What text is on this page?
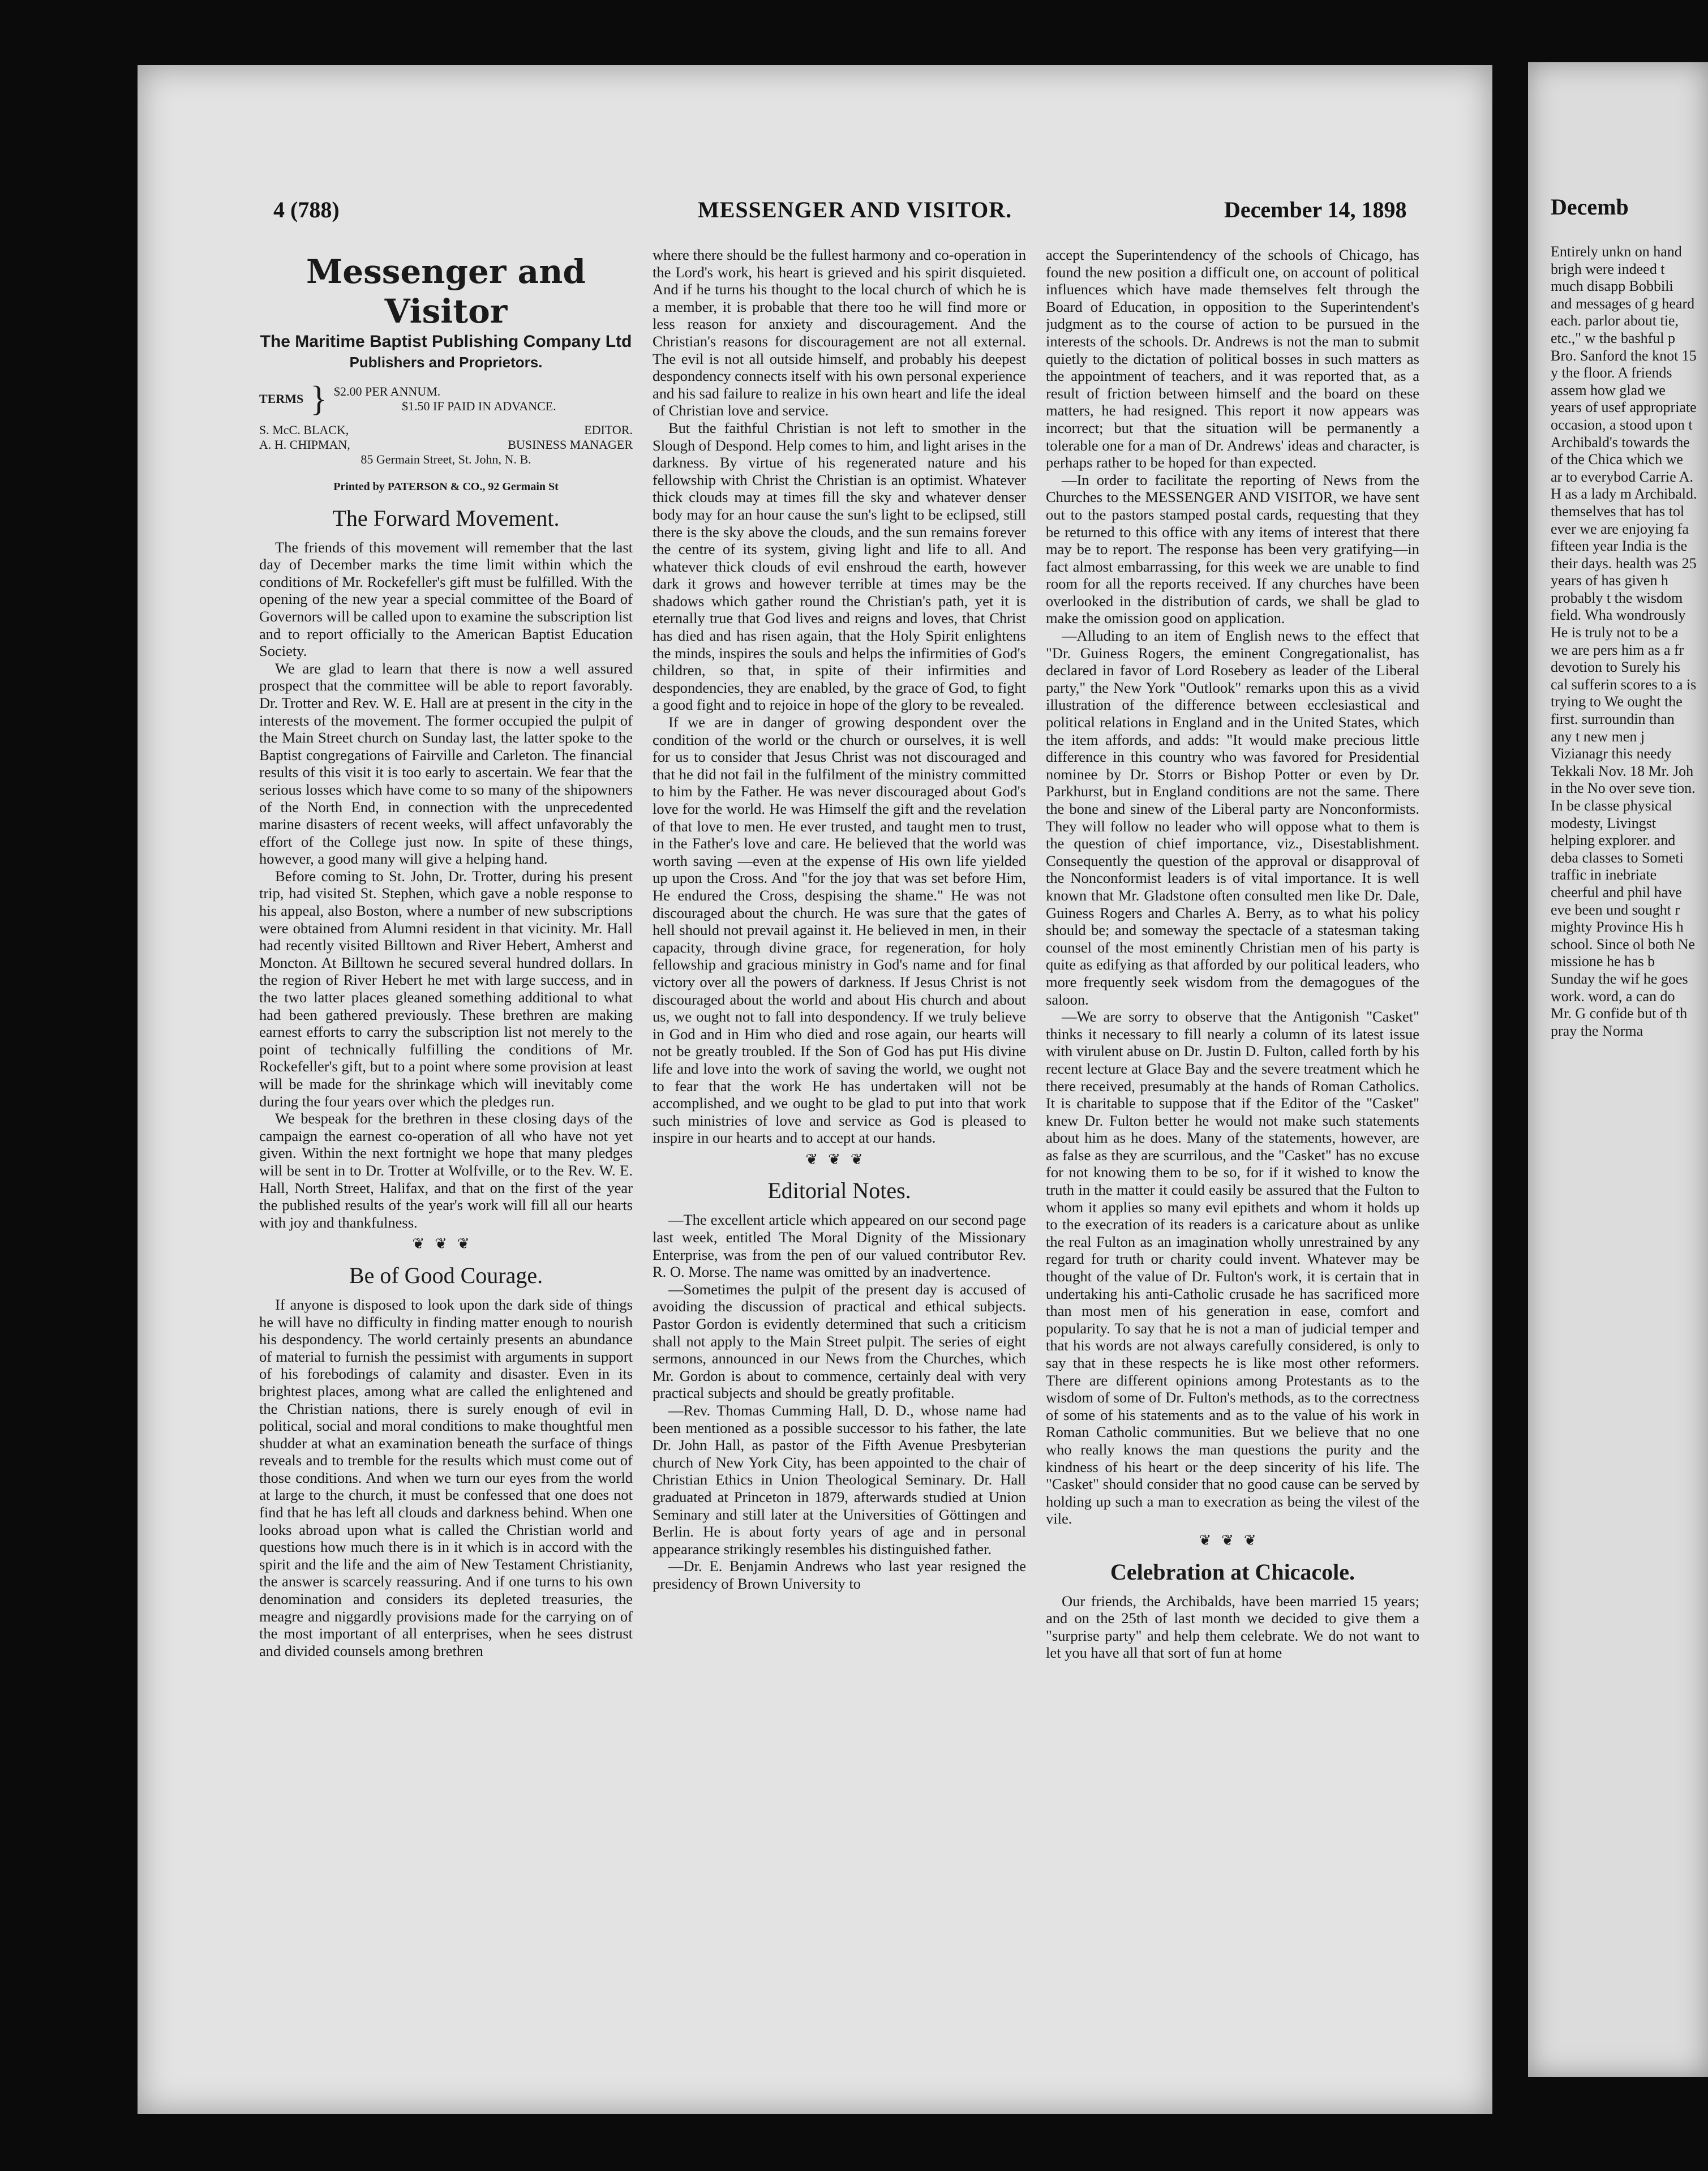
4 (788)	MESSENGER AND VISITOR.	December 14, 1898
Messenger and Visitor
The Maritime Baptist Publishing Company Ltd
Publishers and Proprietors.
TERMS } $2.00 PER ANNUM.
$1.50 IF PAID IN ADVANCE.
S. McC. BLACK,	EDITOR.
A. H. CHIPMAN,	BUSINESS MANAGER
85 Germain Street, St. John, N. B.
Printed by PATERSON & CO., 92 Germain St
The Forward Movement.

The friends of this movement will remember that the last day of December marks the time limit within which the conditions of Mr. Rockefeller's gift must be fulfilled. With the opening of the new year a special committee of the Board of Governors will be called upon to examine the subscription list and to report officially to the American Baptist Education Society.

We are glad to learn that there is now a well assured prospect that the committee will be able to report favorably. Dr. Trotter and Rev. W. E. Hall are at present in the city in the interests of the movement. The former occupied the pulpit of the Main Street church on Sunday last, the latter spoke to the Baptist congregations of Fairville and Carleton. The financial results of this visit it is too early to ascertain. We fear that the serious losses which have come to so many of the shipowners of the North End, in connection with the unprecedented marine disasters of recent weeks, will affect unfavorably the effort of the College just now. In spite of these things, however, a good many will give a helping hand.

Before coming to St. John, Dr. Trotter, during his present trip, had visited St. Stephen, which gave a noble response to his appeal, also Boston, where a number of new subscriptions were obtained from Alumni resident in that vicinity. Mr. Hall had recently visited Billtown and River Hebert, Amherst and Moncton. At Billtown he secured several hundred dollars. In the region of River Hebert he met with large success, and in the two latter places gleaned something additional to what had been gathered previously. These brethren are making earnest efforts to carry the subscription list not merely to the point of technically fulfilling the conditions of Mr. Rockefeller's gift, but to a point where some provision at least will be made for the shrinkage which will inevitably come during the four years over which the pledges run.

We bespeak for the brethren in these closing days of the campaign the earnest co-operation of all who have not yet given. Within the next fortnight we hope that many pledges will be sent in to Dr. Trotter at Wolfville, or to the Rev. W. E. Hall, North Street, Halifax, and that on the first of the year the published results of the year's work will fill all our hearts with joy and thankfulness.

❦❦❦
Be of Good Courage.

If anyone is disposed to look upon the dark side of things he will have no difficulty in finding matter enough to nourish his despondency. The world certainly presents an abundance of material to furnish the pessimist with arguments in support of his forebodings of calamity and disaster. Even in its brightest places, among what are called the enlightened and the Christian nations, there is surely enough of evil in political, social and moral conditions to make thoughtful men shudder at what an examination beneath the surface of things reveals and to tremble for the results which must come out of those conditions. And when we turn our eyes from the world at large to the church, it must be confessed that one does not find that he has left all clouds and darkness behind. When one looks abroad upon what is called the Christian world and questions how much there is in it which is in accord with the spirit and the life and the aim of New Testament Christianity, the answer is scarcely reassuring. And if one turns to his own denomination and considers its depleted treasuries, the meagre and niggardly provisions made for the carrying on of the most important of all enterprises, when he sees distrust and divided counsels among brethren

where there should be the fullest harmony and co-operation in the Lord's work, his heart is grieved and his spirit disquieted. And if he turns his thought to the local church of which he is a member, it is probable that there too he will find more or less reason for anxiety and discouragement. And the Christian's reasons for discouragement are not all external. The evil is not all outside himself, and probably his deepest despondency connects itself with his own personal experience and his sad failure to realize in his own heart and life the ideal of Christian love and service.

But the faithful Christian is not left to smother in the Slough of Despond. Help comes to him, and light arises in the darkness. By virtue of his regenerated nature and his fellowship with Christ the Christian is an optimist. Whatever thick clouds may at times fill the sky and whatever denser body may for an hour cause the sun's light to be eclipsed, still there is the sky above the clouds, and the sun remains forever the centre of its system, giving light and life to all. And whatever thick clouds of evil enshroud the earth, however dark it grows and however terrible at times may be the shadows which gather round the Christian's path, yet it is eternally true that God lives and reigns and loves, that Christ has died and has risen again, that the Holy Spirit enlightens the minds, inspires the souls and helps the infirmities of God's children, so that, in spite of their infirmities and despondencies, they are enabled, by the grace of God, to fight a good fight and to rejoice in hope of the glory to be revealed.

If we are in danger of growing despondent over the condition of the world or the church or ourselves, it is well for us to consider that Jesus Christ was not discouraged and that he did not fail in the fulfilment of the ministry committed to him by the Father. He was never discouraged about God's love for the world. He was Himself the gift and the revelation of that love to men. He ever trusted, and taught men to trust, in the Father's love and care. He believed that the world was worth saving —even at the expense of His own life yielded up upon the Cross. And "for the joy that was set before Him, He endured the Cross, despising the shame." He was not discouraged about the church. He was sure that the gates of hell should not prevail against it. He believed in men, in their capacity, through divine grace, for regeneration, for holy fellowship and gracious ministry in God's name and for final victory over all the powers of darkness. If Jesus Christ is not discouraged about the world and about His church and about us, we ought not to fall into despondency. If we truly believe in God and in Him who died and rose again, our hearts will not be greatly troubled. If the Son of God has put His divine life and love into the work of saving the world, we ought not to fear that the work He has undertaken will not be accomplished, and we ought to be glad to put into that work such ministries of love and service as God is pleased to inspire in our hearts and to accept at our hands.

❦❦❦
Editorial Notes.

—The excellent article which appeared on our second page last week, entitled The Moral Dignity of the Missionary Enterprise, was from the pen of our valued contributor Rev. R. O. Morse. The name was omitted by an inadvertence.

—Sometimes the pulpit of the present day is accused of avoiding the discussion of practical and ethical subjects. Pastor Gordon is evidently determined that such a criticism shall not apply to the Main Street pulpit. The series of eight sermons, announced in our News from the Churches, which Mr. Gordon is about to commence, certainly deal with very practical subjects and should be greatly profitable.

—Rev. Thomas Cumming Hall, D. D., whose name had been mentioned as a possible successor to his father, the late Dr. John Hall, as pastor of the Fifth Avenue Presbyterian church of New York City, has been appointed to the chair of Christian Ethics in Union Theological Seminary. Dr. Hall graduated at Princeton in 1879, afterwards studied at Union Seminary and still later at the Universities of Göttingen and Berlin. He is about forty years of age and in personal appearance strikingly resembles his distinguished father.

—Dr. E. Benjamin Andrews who last year resigned the presidency of Brown University to

accept the Superintendency of the schools of Chicago, has found the new position a difficult one, on account of political influences which have made themselves felt through the Board of Education, in opposition to the Superintendent's judgment as to the course of action to be pursued in the interests of the schools. Dr. Andrews is not the man to submit quietly to the dictation of political bosses in such matters as the appointment of teachers, and it was reported that, as a result of friction between himself and the board on these matters, he had resigned. This report it now appears was incorrect; but that the situation will be permanently a tolerable one for a man of Dr. Andrews' ideas and character, is perhaps rather to be hoped for than expected.

—In order to facilitate the reporting of News from the Churches to the MESSENGER AND VISITOR, we have sent out to the pastors stamped postal cards, requesting that they be returned to this office with any items of interest that there may be to report. The response has been very gratifying—in fact almost embarrassing, for this week we are unable to find room for all the reports received. If any churches have been overlooked in the distribution of cards, we shall be glad to make the omission good on application.

—Alluding to an item of English news to the effect that "Dr. Guiness Rogers, the eminent Congregationalist, has declared in favor of Lord Rosebery as leader of the Liberal party," the New York "Outlook" remarks upon this as a vivid illustration of the difference between ecclesiastical and political relations in England and in the United States, which the item affords, and adds: "It would make precious little difference in this country who was favored for Presidential nominee by Dr. Storrs or Bishop Potter or even by Dr. Parkhurst, but in England conditions are not the same. There the bone and sinew of the Liberal party are Nonconformists. They will follow no leader who will oppose what to them is the question of chief importance, viz., Disestablishment. Consequently the question of the approval or disapproval of the Nonconformist leaders is of vital importance. It is well known that Mr. Gladstone often consulted men like Dr. Dale, Guiness Rogers and Charles A. Berry, as to what his policy should be; and someway the spectacle of a statesman taking counsel of the most eminently Christian men of his party is quite as edifying as that afforded by our political leaders, who more frequently seek wisdom from the demagogues of the saloon.

—We are sorry to observe that the Antigonish "Casket" thinks it necessary to fill nearly a column of its latest issue with virulent abuse on Dr. Justin D. Fulton, called forth by his recent lecture at Glace Bay and the severe treatment which he there received, presumably at the hands of Roman Catholics. It is charitable to suppose that if the Editor of the "Casket" knew Dr. Fulton better he would not make such statements about him as he does. Many of the statements, however, are as false as they are scurrilous, and the "Casket" has no excuse for not knowing them to be so, for if it wished to know the truth in the matter it could easily be assured that the Fulton to whom it applies so many evil epithets and whom it holds up to the execration of its readers is a caricature about as unlike the real Fulton as an imagination wholly unrestrained by any regard for truth or charity could invent. Whatever may be thought of the value of Dr. Fulton's work, it is certain that in undertaking his anti-Catholic crusade he has sacrificed more than most men of his generation in ease, comfort and popularity. To say that he is not a man of judicial temper and that his words are not always carefully considered, is only to say that in these respects he is like most other reformers. There are different opinions among Protestants as to the wisdom of some of Dr. Fulton's methods, as to the correctness of some of his statements and as to the value of his work in Roman Catholic communities. But we believe that no one who really knows the man questions the purity and the kindness of his heart or the deep sincerity of his life. The "Casket" should consider that no good cause can be served by holding up such a man to execration as being the vilest of the vile.

❦❦❦
Celebration at Chicacole.

Our friends, the Archibalds, have been married 15 years; and on the 25th of last month we decided to give them a "surprise party" and help them celebrate. We do not want to let you have all that sort of fun at home

Decemb
Entirely unkn on hand brigh were indeed t much disapp Bobbili and messages of g heard each. parlor about tie, etc.," w the bashful p Bro. Sanford the knot 15 y the floor. A friends assem how glad we years of usef appropriate occasion, a stood upon t Archibald's towards the of the Chica which we ar to everybod Carrie A. H as a lady m Archibald. themselves that has tol ever we are enjoying fa fifteen year India is the their days. health was 25 years of has given h probably t the wisdom field. Wha wondrously He is truly not to be a we are pers him as a fr devotion to Surely his cal sufferin scores to a is trying to We ought the first. surroundin than any t new men j Vizianagr this needy Tekkali Nov. 18 Mr. Joh in the No over seve tion. In be classe physical modesty, Livingst helping explorer. and deba classes to Someti traffic in inebriate cheerful and phil have eve been und sought r mighty Province His h school. Since ol both Ne missione he has b Sunday the wif he goes work. word, a can do Mr. G confide but of th pray the Norma
